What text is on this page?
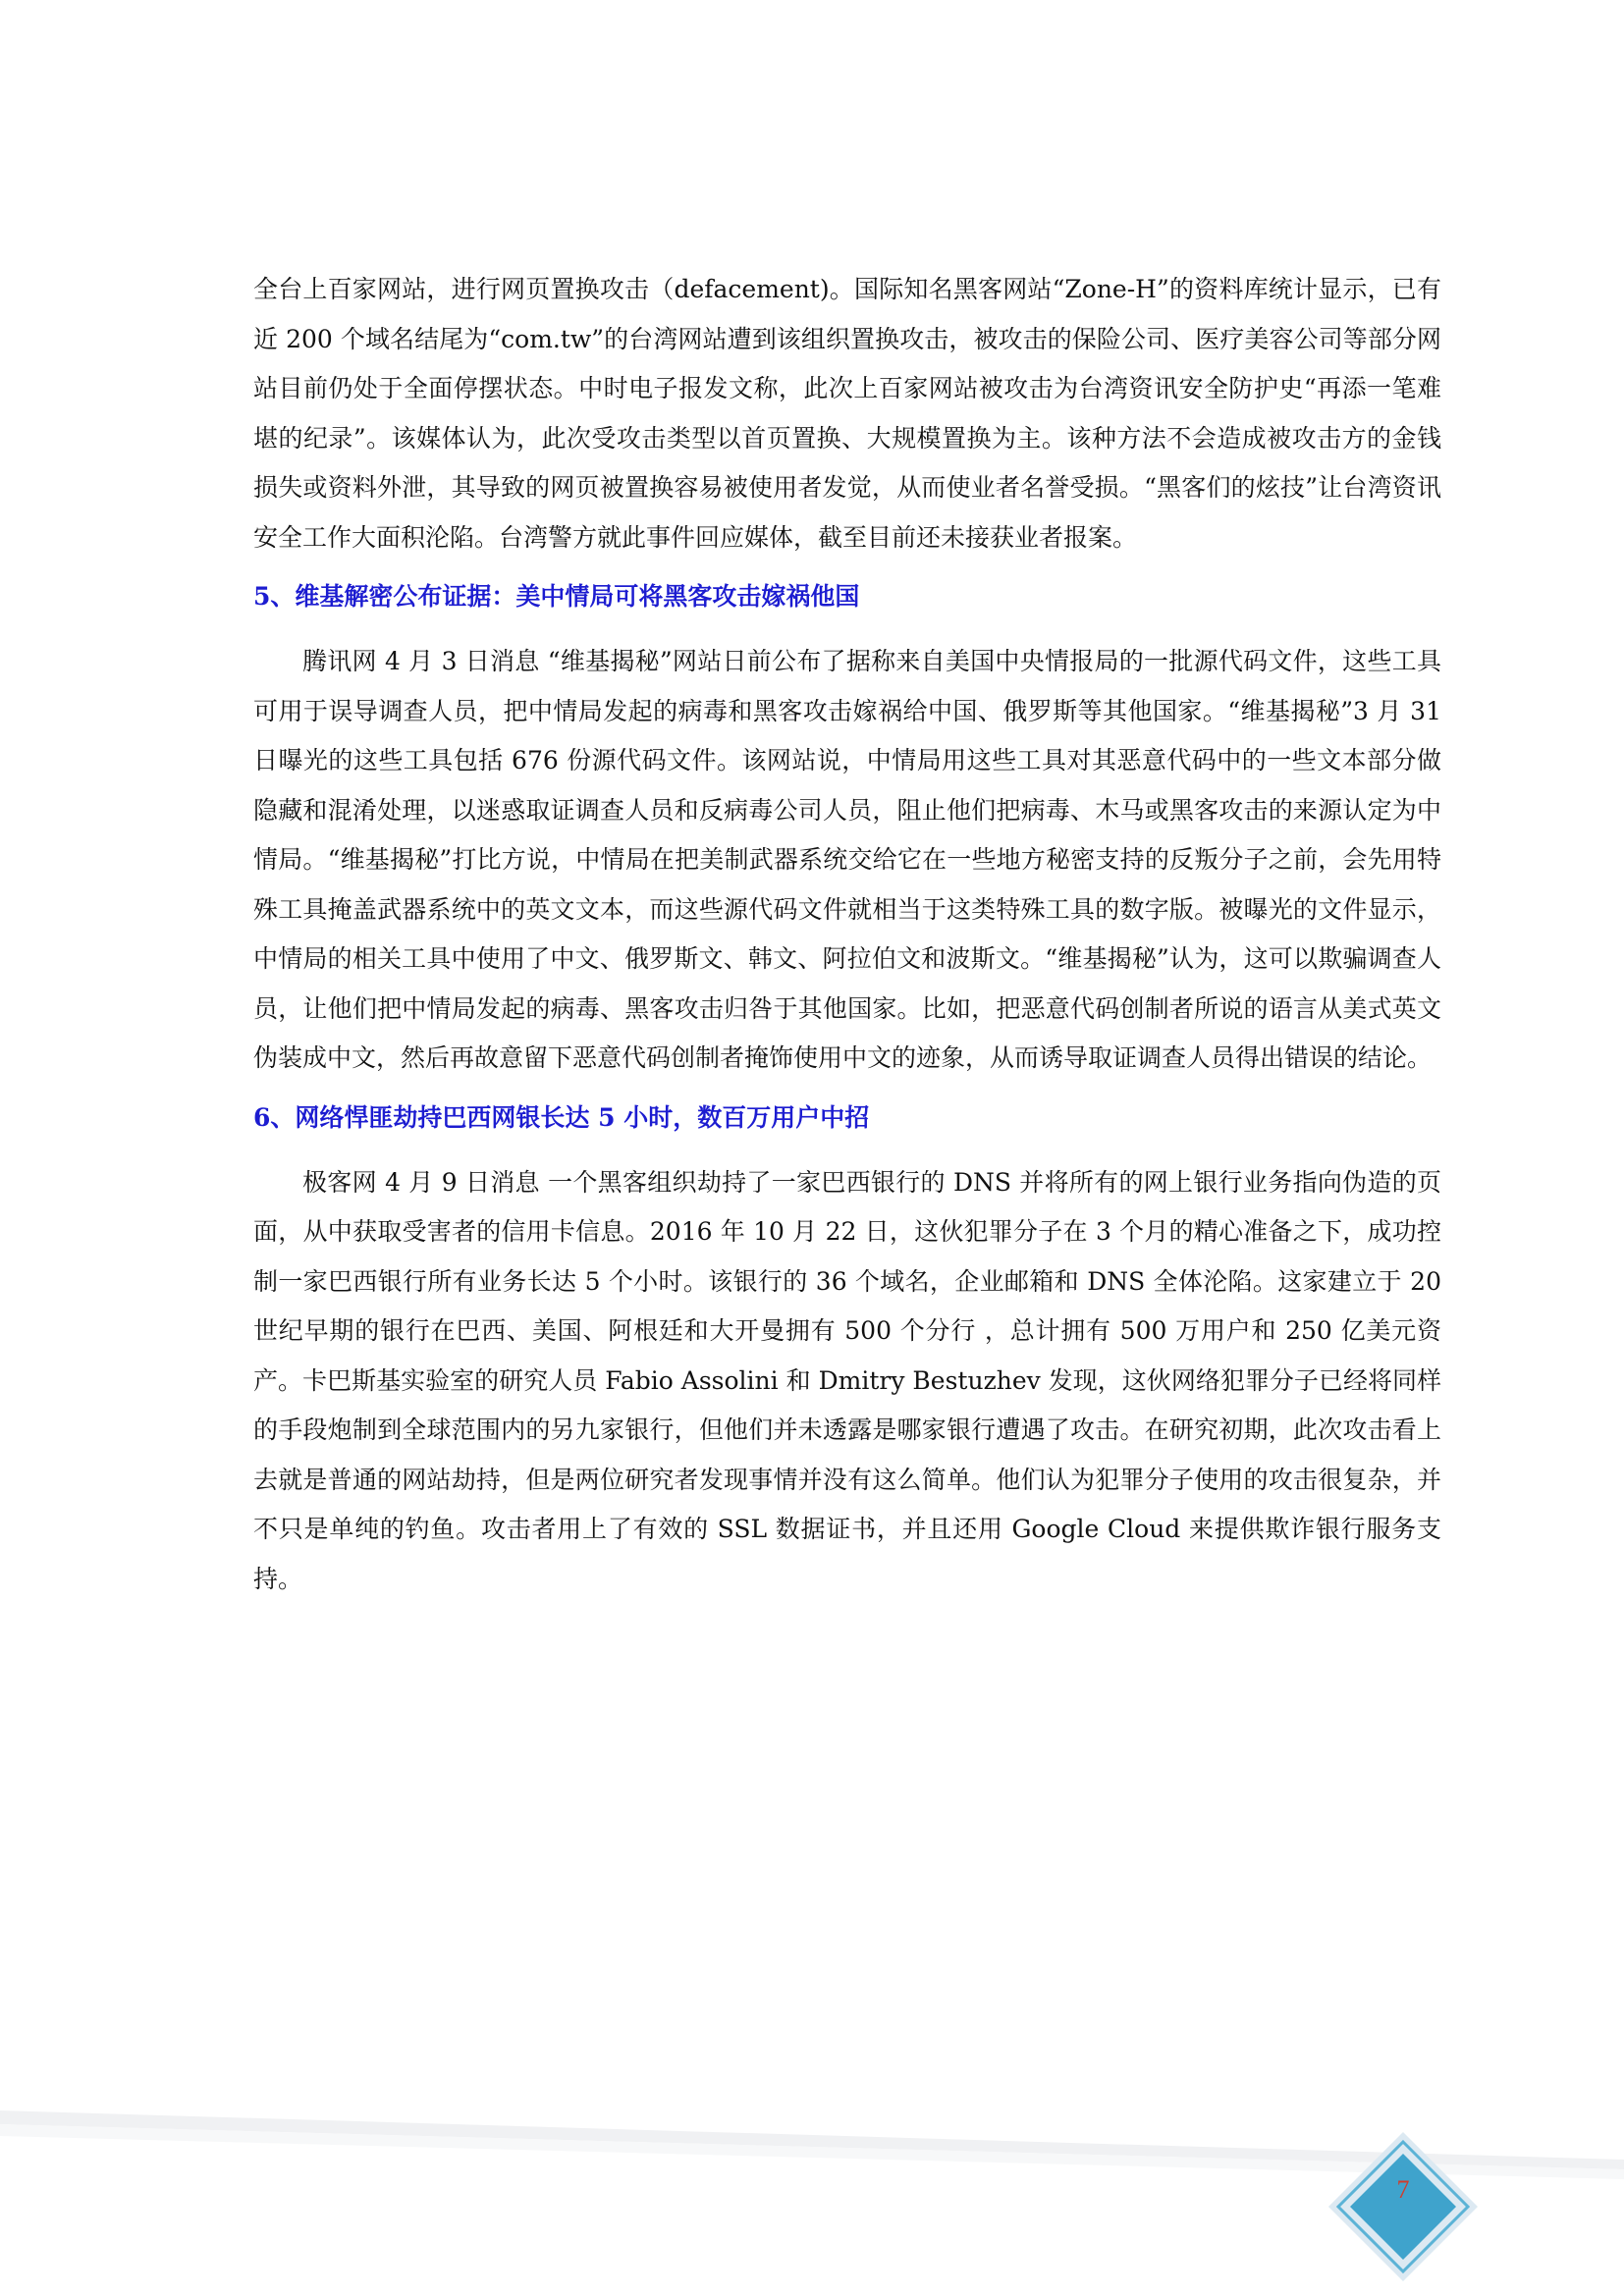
全台上百家网站，进行网页置换攻击（defacement)。国际知名黑客网站“Zone-H”的资料库统计显示，已有近 200 个域名结尾为“com.tw”的台湾网站遭到该组织置换攻击，被攻击的保险公司、医疗美容公司等部分网站目前仍处于全面停摆状态。中时电子报发文称，此次上百家网站被攻击为台湾资讯安全防护史“再添一笔难堪的纪录”。该媒体认为，此次受攻击类型以首页置换、大规模置换为主。该种方法不会造成被攻击方的金钱损失或资料外泄，其导致的网页被置换容易被使用者发觉，从而使业者名誉受损。“黑客们的炫技”让台湾资讯安全工作大面积沦陷。台湾警方就此事件回应媒体，截至目前还未接获业者报案。

5、维基解密公布证据：美中情局可将黑客攻击嫁祸他国

腾讯网 4 月 3 日消息 “维基揭秘”网站日前公布了据称来自美国中央情报局的一批源代码文件，这些工具可用于误导调查人员，把中情局发起的病毒和黑客攻击嫁祸给中国、俄罗斯等其他国家。“维基揭秘”3 月 31 日曝光的这些工具包括 676 份源代码文件。该网站说，中情局用这些工具对其恶意代码中的一些文本部分做隐藏和混淆处理，以迷惑取证调查人员和反病毒公司人员，阻止他们把病毒、木马或黑客攻击的来源认定为中情局。“维基揭秘”打比方说，中情局在把美制武器系统交给它在一些地方秘密支持的反叛分子之前，会先用特殊工具掩盖武器系统中的英文文本，而这些源代码文件就相当于这类特殊工具的数字版。被曝光的文件显示，中情局的相关工具中使用了中文、俄罗斯文、韩文、阿拉伯文和波斯文。“维基揭秘”认为，这可以欺骗调查人员，让他们把中情局发起的病毒、黑客攻击归咎于其他国家。比如，把恶意代码创制者所说的语言从美式英文伪装成中文，然后再故意留下恶意代码创制者掩饰使用中文的迹象，从而诱导取证调查人员得出错误的结论。

6、网络悍匪劫持巴西网银长达 5 小时，数百万用户中招

极客网 4 月 9 日消息 一个黑客组织劫持了一家巴西银行的 DNS 并将所有的网上银行业务指向伪造的页面，从中获取受害者的信用卡信息。2016 年 10 月 22 日，这伙犯罪分子在 3 个月的精心准备之下，成功控制一家巴西银行所有业务长达 5 个小时。该银行的 36 个域名，企业邮箱和 DNS 全体沦陷。这家建立于 20 世纪早期的银行在巴西、美国、阿根廷和大开曼拥有 500 个分行 ，总计拥有 500 万用户和 250 亿美元资产。卡巴斯基实验室的研究人员 Fabio Assolini 和 Dmitry Bestuzhev 发现，这伙网络犯罪分子已经将同样的手段炮制到全球范围内的另九家银行，但他们并未透露是哪家银行遭遇了攻击。在研究初期，此次攻击看上去就是普通的网站劫持，但是两位研究者发现事情并没有这么简单。他们认为犯罪分子使用的攻击很复杂，并不只是单纯的钓鱼。攻击者用上了有效的 SSL 数据证书，并且还用 Google Cloud 来提供欺诈银行服务支持。

7
